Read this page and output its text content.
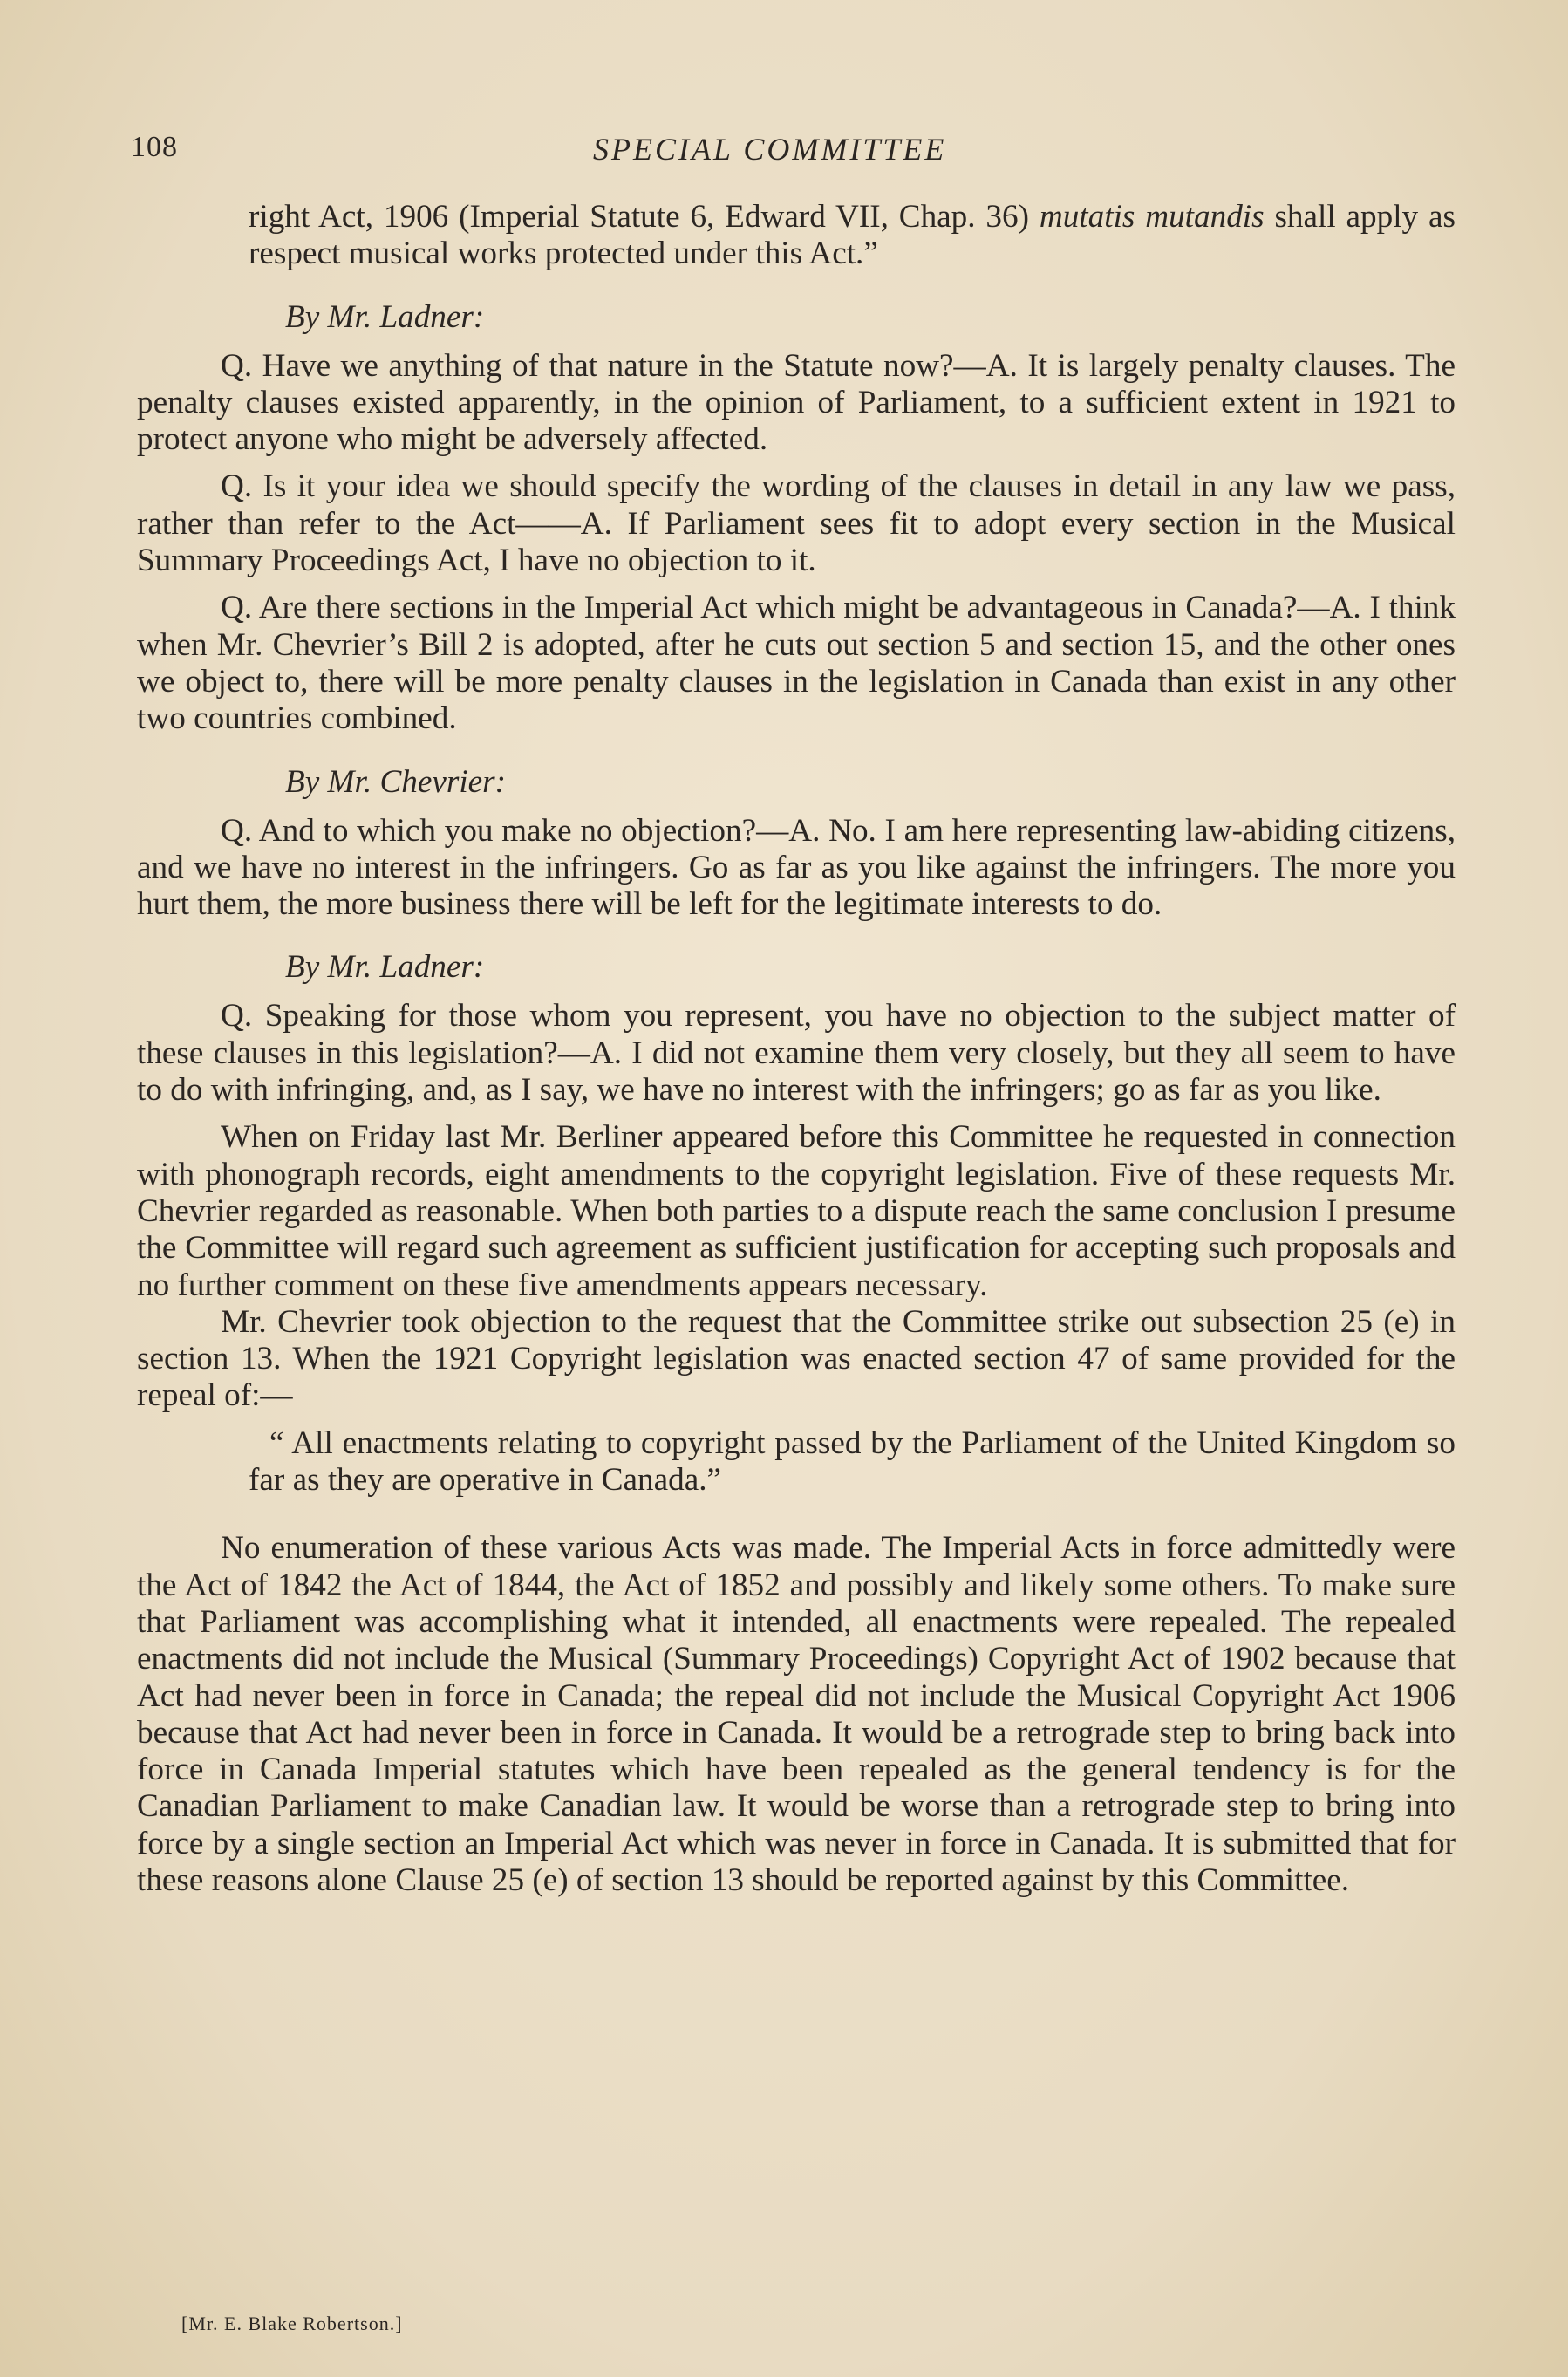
108	SPECIAL COMMITTEE

right Act, 1906 (Imperial Statute 6, Edward VII, Chap. 36) mutatis mutandis shall apply as respect musical works protected under this Act.”

By Mr. Ladner:

Q. Have we anything of that nature in the Statute now?—A. It is largely penalty clauses. The penalty clauses existed apparently, in the opinion of Parliament, to a sufficient extent in 1921 to protect anyone who might be adversely affected.

Q. Is it your idea we should specify the wording of the clauses in detail in any law we pass, rather than refer to the Act——A. If Parliament sees fit to adopt every section in the Musical Summary Proceedings Act, I have no objection to it.

Q. Are there sections in the Imperial Act which might be advantageous in Canada?—A. I think when Mr. Chevrier’s Bill 2 is adopted, after he cuts out section 5 and section 15, and the other ones we object to, there will be more penalty clauses in the legislation in Canada than exist in any other two countries combined.

By Mr. Chevrier:

Q. And to which you make no objection?—A. No. I am here representing law-abiding citizens, and we have no interest in the infringers. Go as far as you like against the infringers. The more you hurt them, the more business there will be left for the legitimate interests to do.

By Mr. Ladner:

Q. Speaking for those whom you represent, you have no objection to the subject matter of these clauses in this legislation?—A. I did not examine them very closely, but they all seem to have to do with infringing, and, as I say, we have no interest with the infringers; go as far as you like.

When on Friday last Mr. Berliner appeared before this Committee he requested in connection with phonograph records, eight amendments to the copyright legislation. Five of these requests Mr. Chevrier regarded as reasonable. When both parties to a dispute reach the same conclusion I presume the Committee will regard such agreement as sufficient justification for accepting such proposals and no further comment on these five amendments appears necessary.

Mr. Chevrier took objection to the request that the Committee strike out subsection 25 (e) in section 13. When the 1921 Copyright legislation was enacted section 47 of same provided for the repeal of:—

“ All enactments relating to copyright passed by the Parliament of the United Kingdom so far as they are operative in Canada.”

No enumeration of these various Acts was made. The Imperial Acts in force admittedly were the Act of 1842 the Act of 1844, the Act of 1852 and possibly and likely some others. To make sure that Parliament was accomplishing what it intended, all enactments were repealed. The repealed enactments did not include the Musical (Summary Proceedings) Copyright Act of 1902 because that Act had never been in force in Canada; the repeal did not include the Musical Copyright Act 1906 because that Act had never been in force in Canada. It would be a retrograde step to bring back into force in Canada Imperial statutes which have been repealed as the general tendency is for the Canadian Parliament to make Canadian law. It would be worse than a retrograde step to bring into force by a single section an Imperial Act which was never in force in Canada. It is submitted that for these reasons alone Clause 25 (e) of section 13 should be reported against by this Committee.

[Mr. E. Blake Robertson.]
